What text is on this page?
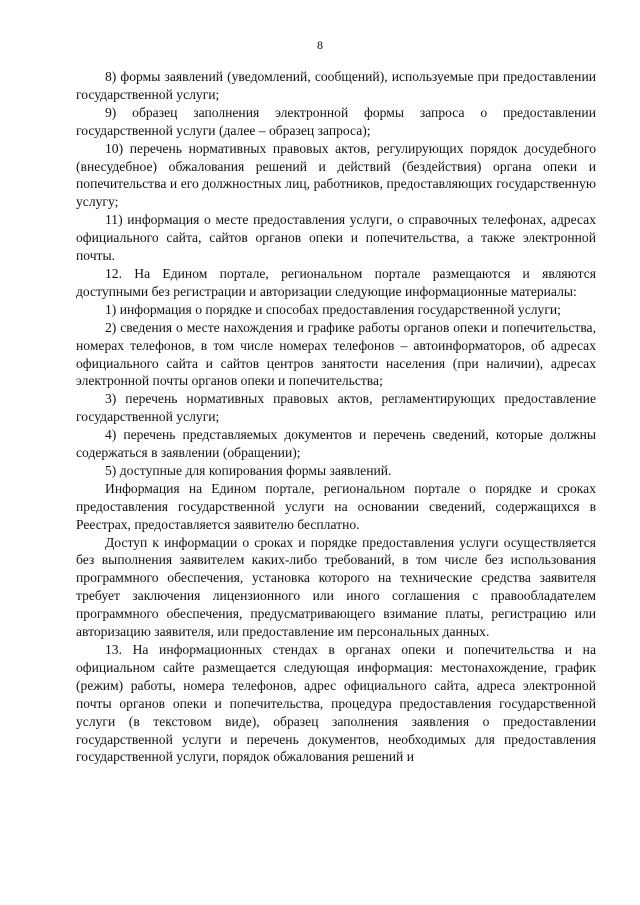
8

8) формы заявлений (уведомлений, сообщений), используемые при предоставлении государственной услуги;

9) образец заполнения электронной формы запроса о предоставлении государственной услуги (далее – образец запроса);

10) перечень нормативных правовых актов, регулирующих порядок досудебного (внесудебное) обжалования решений и действий (бездействия) органа опеки и попечительства и его должностных лиц, работников, предоставляющих государственную услугу;

11) информация о месте предоставления услуги, о справочных телефонах, адресах официального сайта, сайтов органов опеки и попечительства, а также электронной почты.

12. На Едином портале, региональном портале размещаются и являются доступными без регистрации и авторизации следующие информационные материалы:

1) информация о порядке и способах предоставления государственной услуги;

2) сведения о месте нахождения и графике работы органов опеки и попечительства, номерах телефонов, в том числе номерах телефонов – автоинформаторов, об адресах официального сайта и сайтов центров занятости населения (при наличии), адресах электронной почты органов опеки и попечительства;

3) перечень нормативных правовых актов, регламентирующих предоставление государственной услуги;

4) перечень представляемых документов и перечень сведений, которые должны содержаться в заявлении (обращении);

5) доступные для копирования формы заявлений.

Информация на Едином портале, региональном портале о порядке и сроках предоставления государственной услуги на основании сведений, содержащихся в Реестрах, предоставляется заявителю бесплатно.

Доступ к информации о сроках и порядке предоставления услуги осуществляется без выполнения заявителем каких-либо требований, в том числе без использования программного обеспечения, установка которого на технические средства заявителя требует заключения лицензионного или иного соглашения с правообладателем программного обеспечения, предусматривающего взимание платы, регистрацию или авторизацию заявителя, или предоставление им персональных данных.

13. На информационных стендах в органах опеки и попечительства и на официальном сайте размещается следующая информация: местонахождение, график (режим) работы, номера телефонов, адрес официального сайта, адреса электронной почты органов опеки и попечительства, процедура предоставления государственной услуги (в текстовом виде), образец заполнения заявления о предоставлении государственной услуги и перечень документов, необходимых для предоставления государственной услуги, порядок обжалования решений и
